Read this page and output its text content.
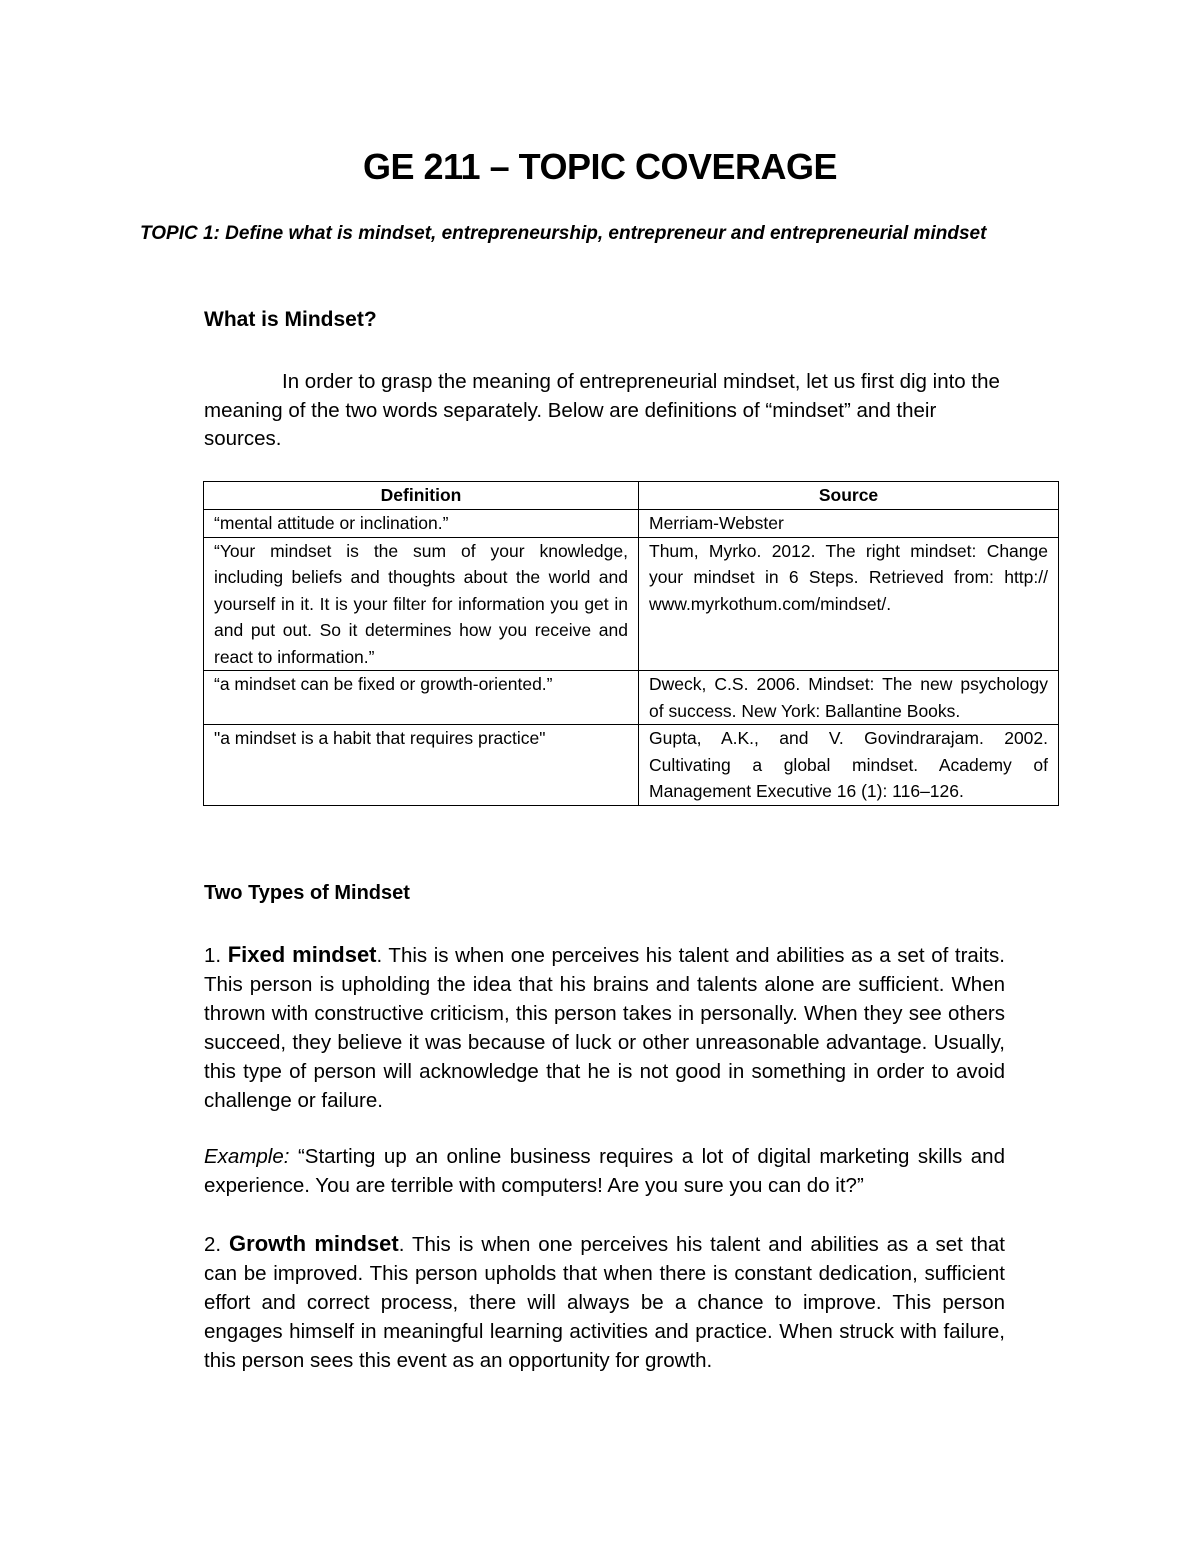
GE 211 – TOPIC COVERAGE
TOPIC 1: Define what is mindset, entrepreneurship, entrepreneur and entrepreneurial mindset
What is Mindset?
In order to grasp the meaning of entrepreneurial mindset, let us first dig into the meaning of the two words separately. Below are definitions of “mindset” and their sources.
Definition	Source
“mental attitude or inclination.”	Merriam-Webster
“Your mindset is the sum of your knowledge, including beliefs and thoughts about the world and yourself in it. It is your filter for information you get in and put out. So it determines how you receive and react to information.”	Thum, Myrko. 2012. The right mindset: Change your mindset in 6 Steps. Retrieved from: http:// www.myrkothum.com/mindset/.
“a mindset can be fixed or growth-oriented.”	Dweck, C.S. 2006. Mindset: The new psychology of success. New York: Ballantine Books.
"a mindset is a habit that requires practice"	Gupta, A.K., and V. Govindrarajam. 2002. Cultivating a global mindset. Academy of Management Executive 16 (1): 116–126.
Two Types of Mindset
1. Fixed mindset. This is when one perceives his talent and abilities as a set of traits. This person is upholding the idea that his brains and talents alone are sufficient. When thrown with constructive criticism, this person takes in personally. When they see others succeed, they believe it was because of luck or other unreasonable advantage. Usually, this type of person will acknowledge that he is not good in something in order to avoid challenge or failure.
Example: “Starting up an online business requires a lot of digital marketing skills and experience. You are terrible with computers! Are you sure you can do it?”
2. Growth mindset. This is when one perceives his talent and abilities as a set that can be improved. This person upholds that when there is constant dedication, sufficient effort and correct process, there will always be a chance to improve. This person engages himself in meaningful learning activities and practice. When struck with failure, this person sees this event as an opportunity for growth.
